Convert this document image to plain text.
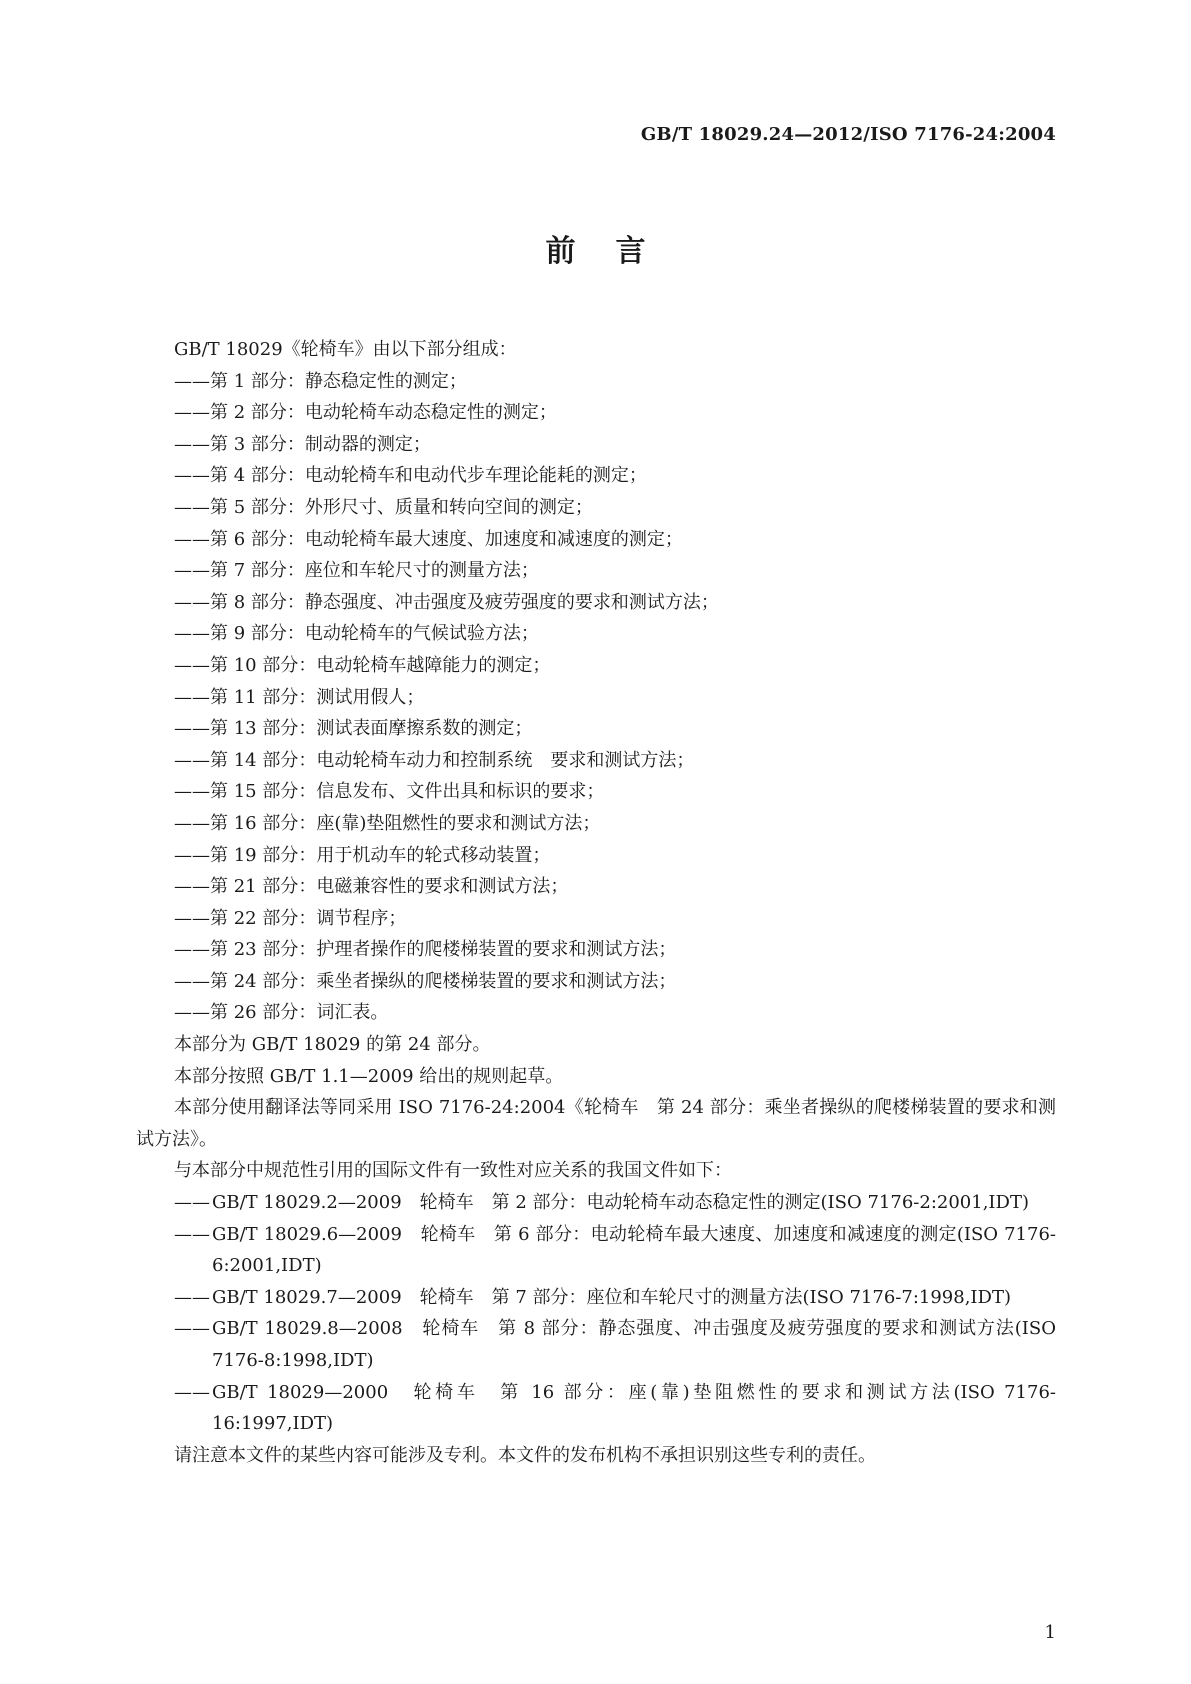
GB/T 18029.24—2012/ISO 7176-24:2004
前言

GB/T 18029《轮椅车》由以下部分组成：

——第 1 部分：静态稳定性的测定；

——第 2 部分：电动轮椅车动态稳定性的测定；

——第 3 部分：制动器的测定；

——第 4 部分：电动轮椅车和电动代步车理论能耗的测定；

——第 5 部分：外形尺寸、质量和转向空间的测定；

——第 6 部分：电动轮椅车最大速度、加速度和减速度的测定；

——第 7 部分：座位和车轮尺寸的测量方法；

——第 8 部分：静态强度、冲击强度及疲劳强度的要求和测试方法；

——第 9 部分：电动轮椅车的气候试验方法；

——第 10 部分：电动轮椅车越障能力的测定；

——第 11 部分：测试用假人；

——第 13 部分：测试表面摩擦系数的测定；

——第 14 部分：电动轮椅车动力和控制系统　要求和测试方法；

——第 15 部分：信息发布、文件出具和标识的要求；

——第 16 部分：座(靠)垫阻燃性的要求和测试方法；

——第 19 部分：用于机动车的轮式移动装置；

——第 21 部分：电磁兼容性的要求和测试方法；

——第 22 部分：调节程序；

——第 23 部分：护理者操作的爬楼梯装置的要求和测试方法；

——第 24 部分：乘坐者操纵的爬楼梯装置的要求和测试方法；

——第 26 部分：词汇表。

本部分为 GB/T 18029 的第 24 部分。

本部分按照 GB/T 1.1—2009 给出的规则起草。

本部分使用翻译法等同采用 ISO 7176-24:2004《轮椅车　第 24 部分：乘坐者操纵的爬楼梯装置的要求和测试方法》。

与本部分中规范性引用的国际文件有一致性对应关系的我国文件如下：

—— GB/T 18029.2—2009　轮椅车　第 2 部分：电动轮椅车动态稳定性的测定(ISO 7176-2:2001,IDT)

—— GB/T 18029.6—2009　轮椅车　第 6 部分：电动轮椅车最大速度、加速度和减速度的测定(ISO 7176-6:2001,IDT)

—— GB/T 18029.7—2009　轮椅车　第 7 部分：座位和车轮尺寸的测量方法(ISO 7176-7:1998,IDT)

—— GB/T 18029.8—2008　轮椅车　第 8 部分：静态强度、冲击强度及疲劳强度的要求和测试方法(ISO 7176-8:1998,IDT)

—— GB/T 18029—2000　轮椅车　第 16 部分：座(靠)垫阻燃性的要求和测试方法(ISO 7176-16:1997,IDT)

请注意本文件的某些内容可能涉及专利。本文件的发布机构不承担识别这些专利的责任。

1
